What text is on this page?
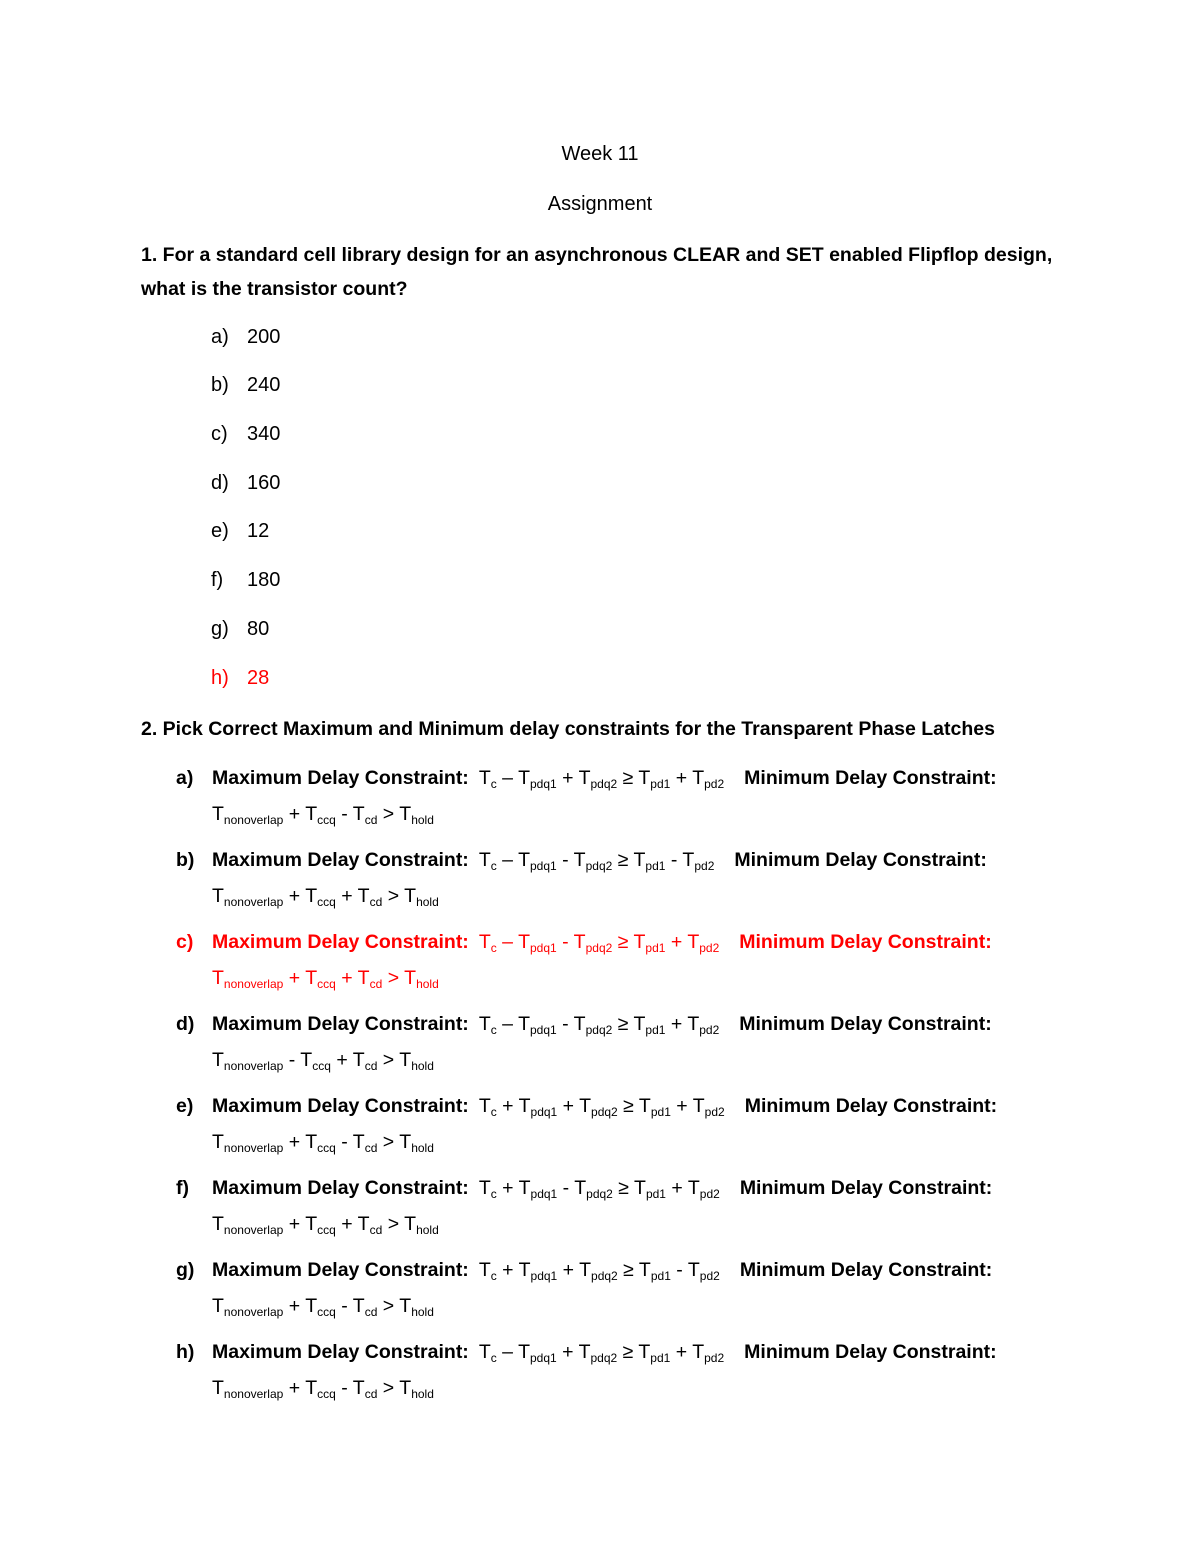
Week 11
Assignment
1. For a standard cell library design for an asynchronous CLEAR and SET enabled Flipflop design, what is the transistor count?
a) 200
b) 240
c) 340
d) 160
e) 12
f) 180
g) 80
h) 28
2. Pick Correct Maximum and Minimum delay constraints for the Transparent Phase Latches
a) Maximum Delay Constraint: $T_c - T_{pdq1} + T_{pdq2} \ge T_{pd1} + T_{pd2}$ Minimum Delay Constraint:
$T_{nonoverlap} + T_{ccq} - T_{cd} > T_{hold}$
b) Maximum Delay Constraint: $T_c - T_{pdq1} - T_{pdq2} \ge T_{pd1} - T_{pd2}$ Minimum Delay Constraint:
$T_{nonoverlap} + T_{ccq} + T_{cd} > T_{hold}$
c) Maximum Delay Constraint: $T_c - T_{pdq1} - T_{pdq2} \ge T_{pd1} + T_{pd2}$ Minimum Delay Constraint:
$T_{nonoverlap} + T_{ccq} + T_{cd} > T_{hold}$
d) Maximum Delay Constraint: $T_c - T_{pdq1} - T_{pdq2} \ge T_{pd1} + T_{pd2}$ Minimum Delay Constraint:
$T_{nonoverlap} - T_{ccq} + T_{cd} > T_{hold}$
e) Maximum Delay Constraint: $T_c + T_{pdq1} + T_{pdq2} \ge T_{pd1} + T_{pd2}$ Minimum Delay Constraint:
$T_{nonoverlap} + T_{ccq} - T_{cd} > T_{hold}$
f) Maximum Delay Constraint: $T_c + T_{pdq1} - T_{pdq2} \ge T_{pd1} + T_{pd2}$ Minimum Delay Constraint:
$T_{nonoverlap} + T_{ccq} + T_{cd} > T_{hold}$
g) Maximum Delay Constraint: $T_c + T_{pdq1} + T_{pdq2} \ge T_{pd1} - T_{pd2}$ Minimum Delay Constraint:
$T_{nonoverlap} + T_{ccq} - T_{cd} > T_{hold}$
h) Maximum Delay Constraint: $T_c - T_{pdq1} + T_{pdq2} \ge T_{pd1} + T_{pd2}$ Minimum Delay Constraint:
$T_{nonoverlap} + T_{ccq} - T_{cd} > T_{hold}$
